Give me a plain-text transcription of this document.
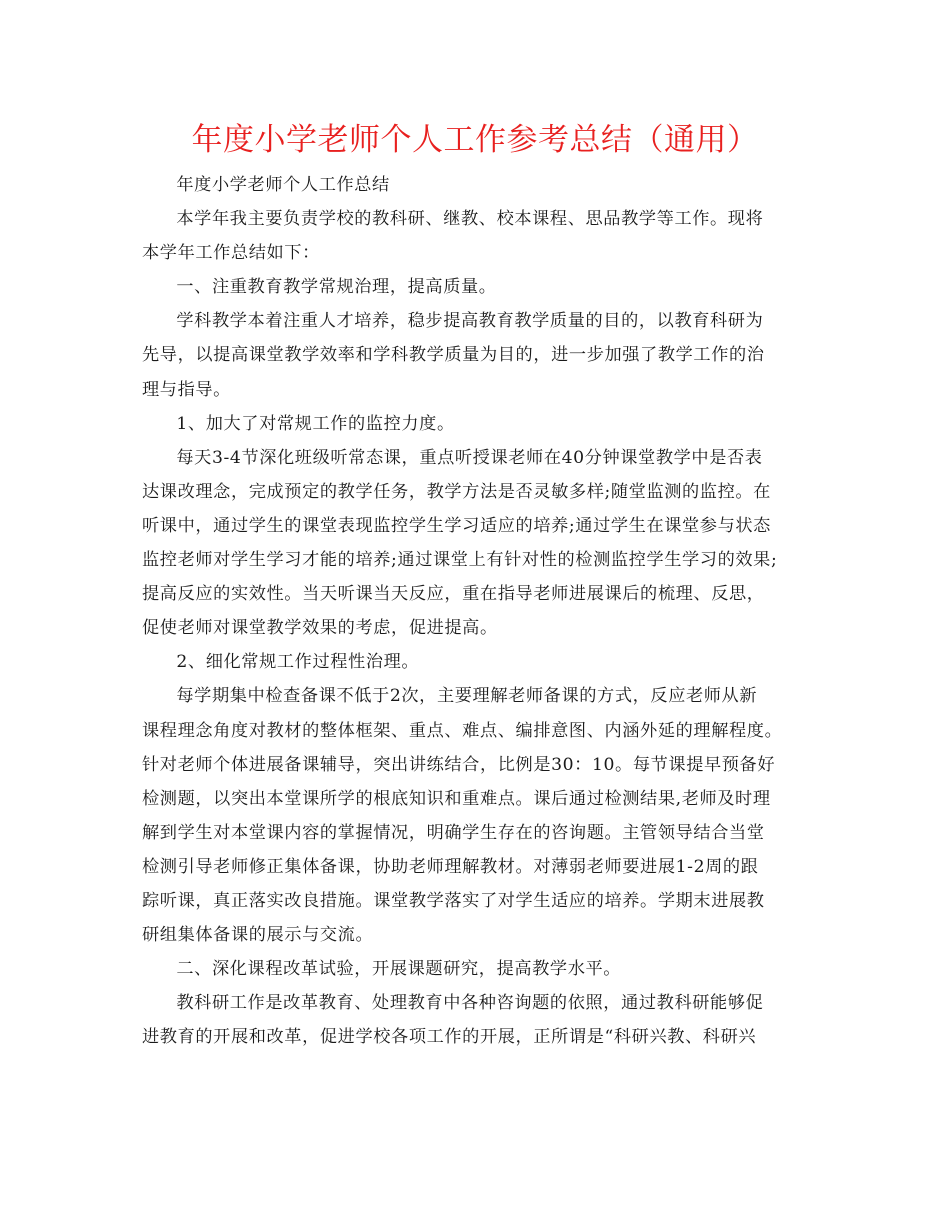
年度小学老师个人工作参考总结（通用）

年度小学老师个人工作总结

本学年我主要负责学校的教科研、继教、校本课程、思品教学等工作。现将
本学年工作总结如下：

一、注重教育教学常规治理，提高质量。

学科教学本着注重人才培养，稳步提高教育教学质量的目的，以教育科研为
先导，以提高课堂教学效率和学科教学质量为目的，进一步加强了教学工作的治
理与指导。

1、加大了对常规工作的监控力度。

每天3-4节深化班级听常态课，重点听授课老师在40分钟课堂教学中是否表
达课改理念，完成预定的教学任务，教学方法是否灵敏多样;随堂监测的监控。在
听课中，通过学生的课堂表现监控学生学习适应的培养;通过学生在课堂参与状态
监控老师对学生学习才能的培养;通过课堂上有针对性的检测监控学生学习的效果;
提高反应的实效性。当天听课当天反应，重在指导老师进展课后的梳理、反思，
促使老师对课堂教学效果的考虑，促进提高。

2、细化常规工作过程性治理。

每学期集中检查备课不低于2次，主要理解老师备课的方式，反应老师从新
课程理念角度对教材的整体框架、重点、难点、编排意图、内涵外延的理解程度。
针对老师个体进展备课辅导，突出讲练结合，比例是30：10。每节课提早预备好
检测题，以突出本堂课所学的根底知识和重难点。课后通过检测结果,老师及时理
解到学生对本堂课内容的掌握情况，明确学生存在的咨询题。主管领导结合当堂
检测引导老师修正集体备课，协助老师理解教材。对薄弱老师要进展1-2周的跟
踪听课，真正落实改良措施。课堂教学落实了对学生适应的培养。学期末进展教
研组集体备课的展示与交流。

二、深化课程改革试验，开展课题研究，提高教学水平。

教科研工作是改革教育、处理教育中各种咨询题的依照，通过教科研能够促
进教育的开展和改革，促进学校各项工作的开展，正所谓是“科研兴教、科研兴
